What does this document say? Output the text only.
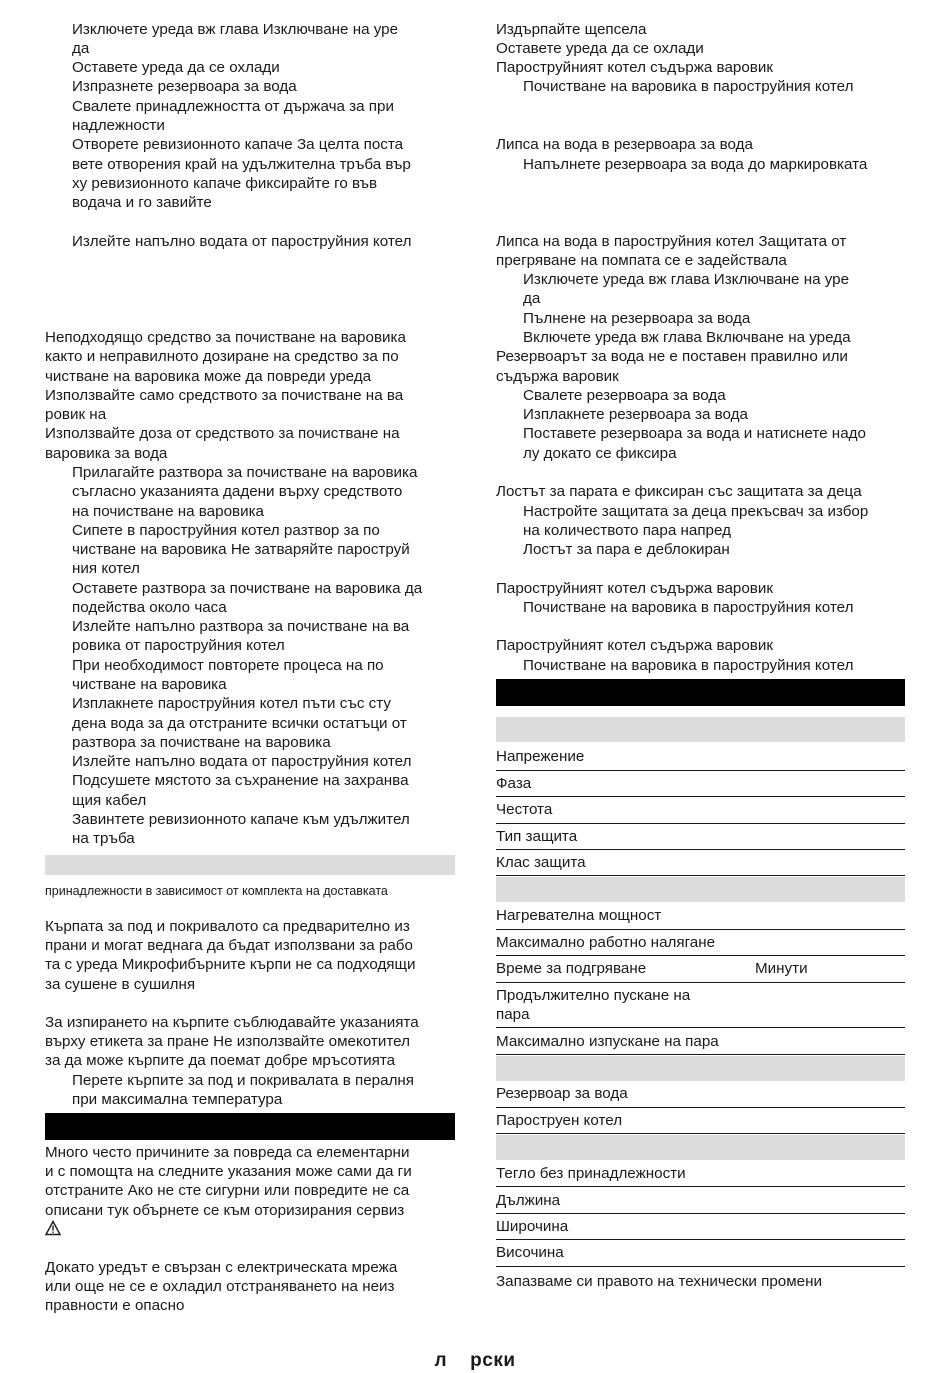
Изключете уреда вж глава Изключване на уре
да
Оставете уреда да се охлади
Изпразнете резервоара за вода
Свалете принадлежността от държача за при
надлежности
Отворете ревизионното капаче За целта поста
вете отворения край на удължителна тръба вър
ху ревизионното капаче фиксирайте го във
водача и го завийте
Излейте напълно водата от пароструйния котел
Неподходящо средство за почистване на варовика
както и неправилното дозиране на средство за по
чистване на варовика може да повреди уреда
Използвайте само средството за почистване на ва
ровик на
Използвайте доза от средството за почистване на
варовика за вода
Прилагайте разтвора за почистване на варовика
съгласно указанията дадени върху средството
на почистване на варовика
Сипете в пароструйния котел разтвор за по
чистване на варовика Не затваряйте пароструй
ния котел
Оставете разтвора за почистване на варовика да
подейства около часа
Излейте напълно разтвора за почистване на ва
ровика от пароструйния котел
При необходимост повторете процеса на по
чистване на варовика
Изплакнете пароструйния котел пъти със сту
дена вода за да отстраните всички остатъци от
разтвора за почистване на варовика
Излейте напълно водата от пароструйния котел
Подсушете мястото за съхранение на захранва
щия кабел
Завинтете ревизионното капаче към удължител
на тръба
принадлежности в зависимост от комплекта на доставката
Кърпата за под и покривалото са предварително из
прани и могат веднага да бъдат използвани за рабо
та с уреда Микрофибърните кърпи не са подходящи
за сушене в сушилня
За изпирането на кърпите съблюдавайте указанията
върху етикета за пране Не използвайте омекотител
за да може кърпите да поемат добре мръсотията
Перете кърпите за под и покривалата в пералня
при максимална температура
Много често причините за повреда са елементарни
и с помощта на следните указания може сами да ги
отстраните Ако не сте сигурни или повредите не са
описани тук обърнете се към оторизирания сервиз
Докато уредът е свързан с електрическата мрежа
или още не се е охладил отстраняването на неиз
правности е опасно
Издърпайте щепсела
Оставете уреда да се охлади
Пароструйният котел съдържа варовик
Почистване на варовика в пароструйния котел
Липса на вода в резервоара за вода
Напълнете резервоара за вода до маркировката
Липса на вода в пароструйния котел Защитата от
прегряване на помпата се е задействала
Изключете уреда вж глава Изключване на уре
да
Пълнене на резервоара за вода
Включете уреда вж глава Включване на уреда
Резервоарът за вода не е поставен правилно или
съдържа варовик
Свалете резервоара за вода
Изплакнете резервоара за вода
Поставете резервоара за вода и натиснете надо
лу докато се фиксира
Лостът за парата е фиксиран със защитата за деца
Настройте защитата за деца прекъсвач за избор
на количеството пара напред
Лостът за пара е деблокиран
Пароструйният котел съдържа варовик
Почистване на варовика в пароструйния котел
Пароструйният котел съдържа варовик
Почистване на варовика в пароструйния котел
Напрежение
Фаза
Честота
Тип защита
Клас защита
Нагревателна мощност
Максимално работно налягане
Време за подгряване	Минути
Продължително пускане на
пара
Максимално изпускане на пара
Резервоар за вода
Пароструен котел
Тегло без принадлежности
Дължина
Широчина
Височина
Запазваме си правото на технически промени
л    рски
